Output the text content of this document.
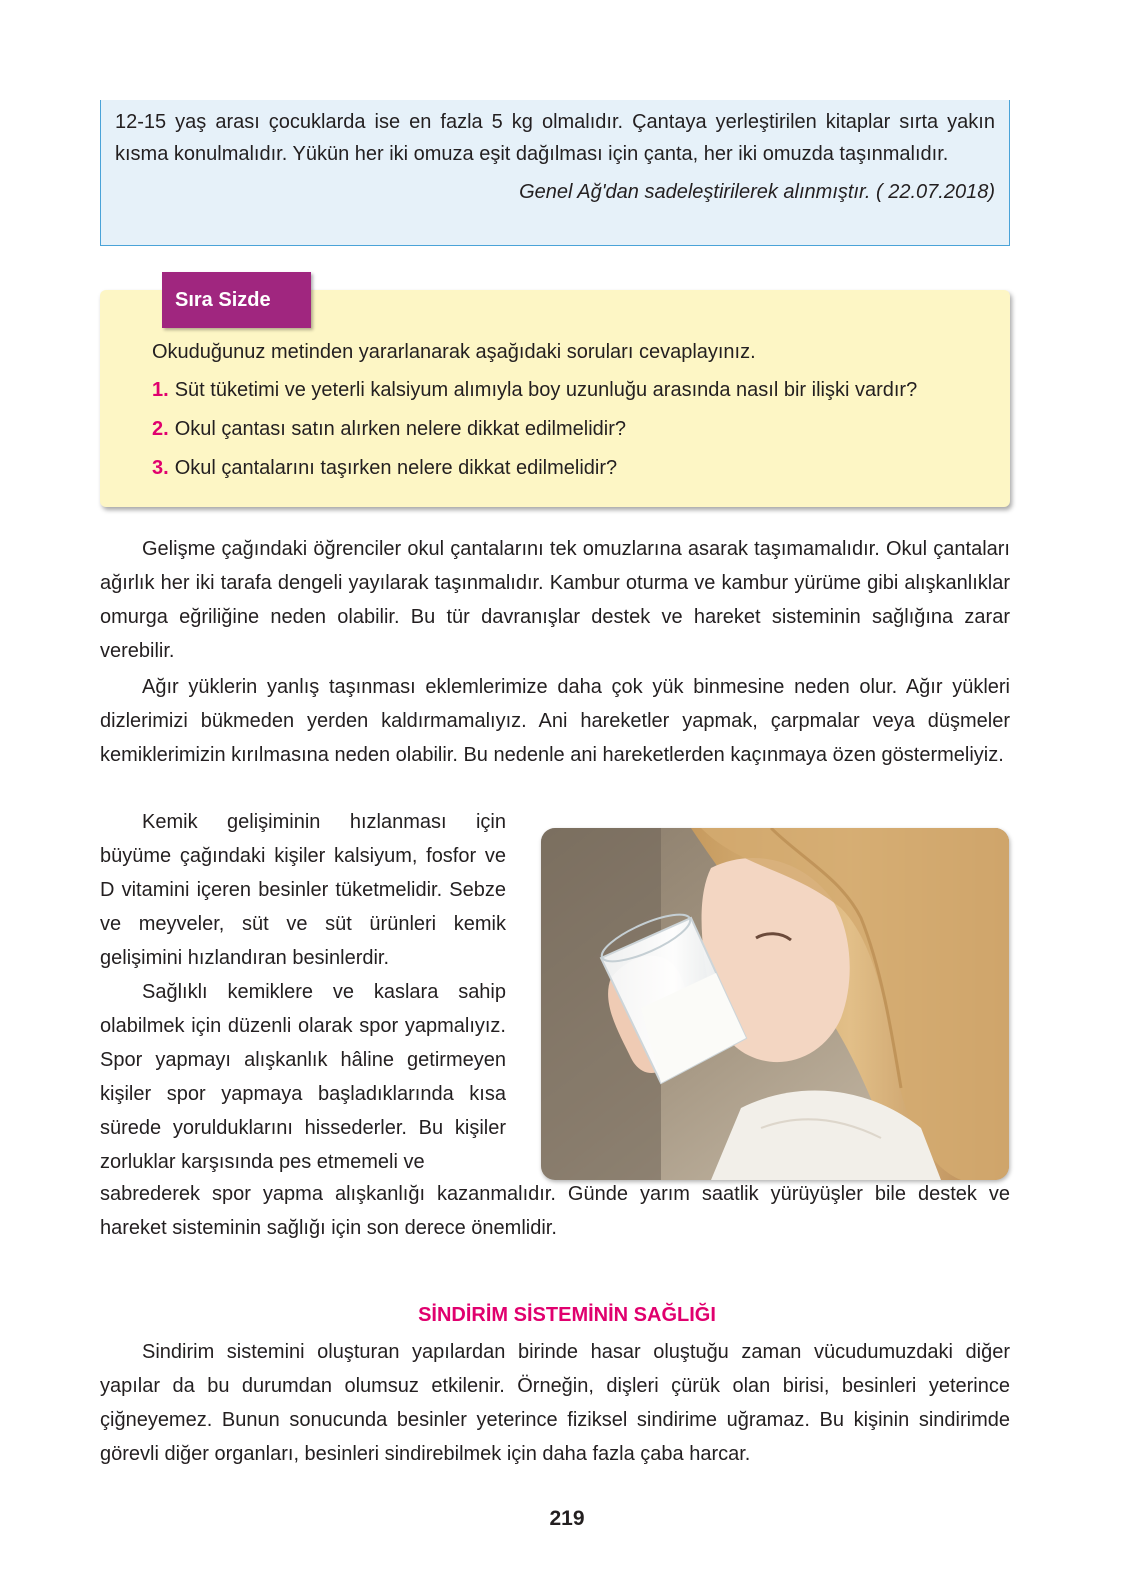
12-15 yaş arası çocuklarda ise en fazla 5 kg olmalıdır. Çantaya yerleştirilen kitaplar sırta yakın kısma konulmalıdır. Yükün her iki omuza eşit dağılması için çanta, her iki omuzda taşınmalıdır.

Genel Ağ'dan sadeleştirilerek alınmıştır. ( 22.07.2018)
Sıra Sizde

Okuduğunuz metinden yararlanarak aşağıdaki soruları cevaplayınız.

1. Süt tüketimi ve yeterli kalsiyum alımıyla boy uzunluğu arasında nasıl bir ilişki vardır?
2. Okul çantası satın alırken nelere dikkat edilmelidir?
3. Okul çantalarını taşırken nelere dikkat edilmelidir?

Gelişme çağındaki öğrenciler okul çantalarını tek omuzlarına asarak taşımamalıdır. Okul çantaları ağırlık her iki tarafa dengeli yayılarak taşınmalıdır. Kambur oturma ve kambur yürüme gibi alışkanlıklar omurga eğriliğine neden olabilir. Bu tür davranışlar destek ve hareket sisteminin sağlığına zarar verebilir.

Ağır yüklerin yanlış taşınması eklemlerimize daha çok yük binmesine neden olur. Ağır yükleri dizlerimizi bükmeden yerden kaldırmamalıyız. Ani hareketler yapmak, çarpmalar veya düşmeler kemiklerimizin kırılmasına neden olabilir. Bu nedenle ani hareketlerden kaçınmaya özen göstermeliyiz.

Kemik gelişiminin hızlanması için büyüme çağındaki kişiler kalsiyum, fosfor ve D vitamini içeren besinler tüketmelidir. Sebze ve meyveler, süt ve süt ürünleri kemik gelişimini hızlandıran besinlerdir.

Sağlıklı kemiklere ve kaslara sahip olabilmek için düzenli olarak spor yapmalıyız. Spor yapmayı alışkanlık hâline getirmeyen kişiler spor yapmaya başladıklarında kısa sürede yorulduklarını hissederler. Bu kişiler zorluklar karşısında pes etmemeli ve

sabrederek spor yapma alışkanlığı kazanmalıdır. Günde yarım saatlik yürüyüşler bile destek ve hareket sisteminin sağlığı için son derece önemlidir.

SİNDİRİM SİSTEMİNİN SAĞLIĞI

Sindirim sistemini oluşturan yapılardan birinde hasar oluştuğu zaman vücudumuzdaki diğer yapılar da bu durumdan olumsuz etkilenir. Örneğin, dişleri çürük olan birisi, besinleri yeterince çiğneyemez. Bunun sonucunda besinler yeterince fiziksel sindirime uğramaz. Bu kişinin sindirimde görevli diğer organları, besinleri sindirebilmek için daha fazla çaba harcar.

219
